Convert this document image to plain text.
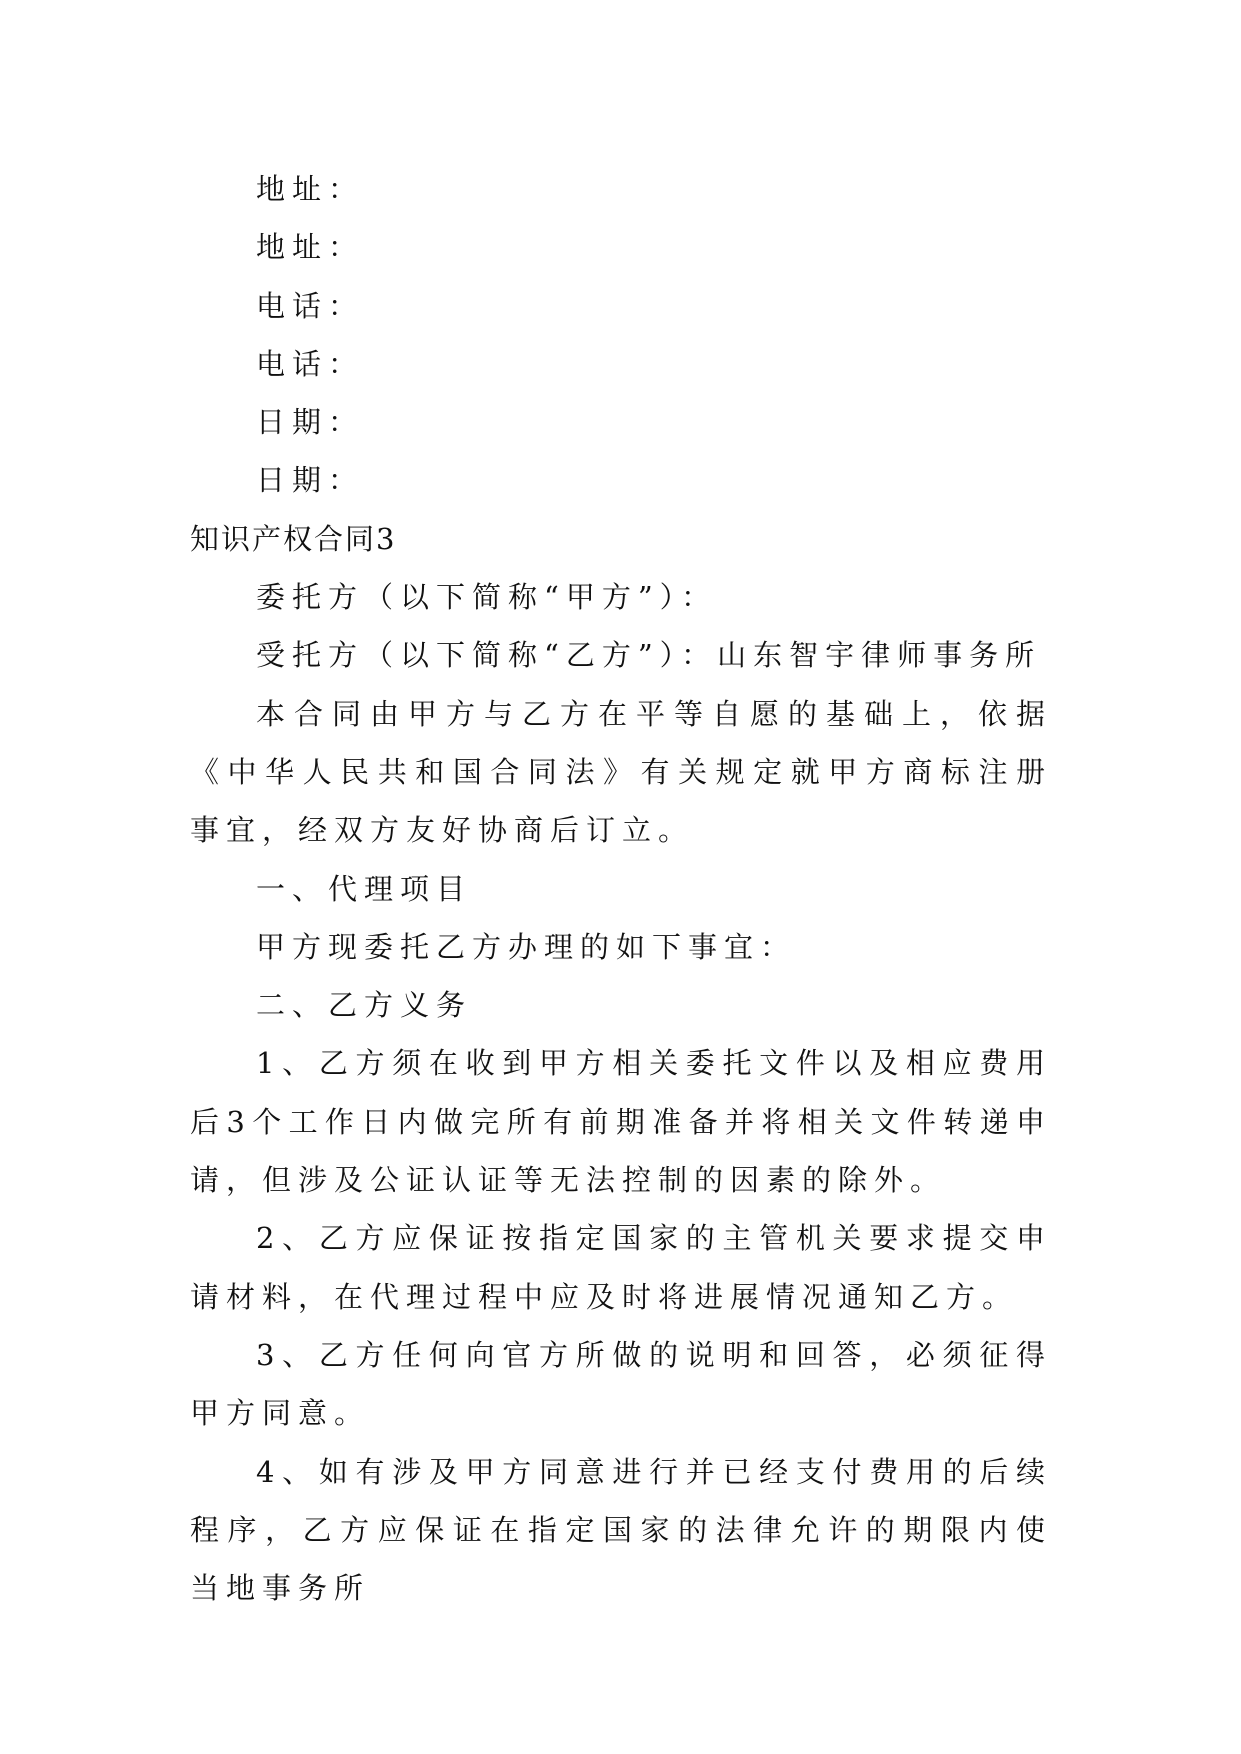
地址：
地址：
电话：
电话：
日期：
日期：
知识产权合同3
委托方（以下简称“甲方”）：
受托方（以下简称“乙方”）：山东智宇律师事务所
本合同由甲方与乙方在平等自愿的基础上，依据《中华人民共和国合同法》有关规定就甲方商标注册事宜，经双方友好协商后订立。
一、代理项目
甲方现委托乙方办理的如下事宜：
二、乙方义务
1、乙方须在收到甲方相关委托文件以及相应费用后3个工作日内做完所有前期准备并将相关文件转递申请，但涉及公证认证等无法控制的因素的除外。
2、乙方应保证按指定国家的主管机关要求提交申请材料，在代理过程中应及时将进展情况通知乙方。
3、乙方任何向官方所做的说明和回答，必须征得甲方同意。
4、如有涉及甲方同意进行并已经支付费用的后续程序，乙方应保证在指定国家的法律允许的期限内使当地事务所
